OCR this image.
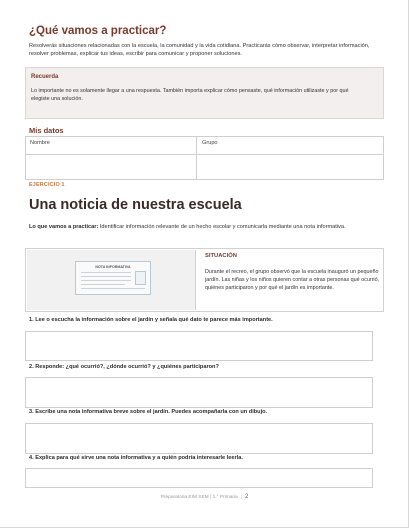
¿Qué vamos a practicar?
Resolverás situaciones relacionadas con la escuela, la comunidad y la vida cotidiana. Practicarás cómo observar, interpretar información, resolver problemas, explicar tus ideas, escribir para comunicar y proponer soluciones.
Recuerda
Lo importante no es solamente llegar a una respuesta. También importa explicar cómo pensaste, qué información utilizaste y por qué elegiste una solución.
Mis datos
Nombre	Grupo
EJERCICIO 1
Una noticia de nuestra escuela
Lo que vamos a practicar: Identificar información relevante de un hecho escolar y comunicarla mediante una nota informativa.
NOTA INFORMATIVA
SITUACIÓN
Durante el recreo, el grupo observó que la escuela inauguró un pequeño jardín. Las niñas y los niños quieren contar a otras personas qué ocurrió, quiénes participaron y por qué el jardín es importante.
1. Lee o escucha la información sobre el jardín y señala qué dato te parece más importante.
2. Responde: ¿qué ocurrió?, ¿dónde ocurrió? y ¿quiénes participaron?
3. Escribe una nota informativa breve sobre el jardín. Puedes acompañarla con un dibujo.
4. Explica para qué sirve una nota informativa y a quién podría interesarle leerla.
Preparatoria EIM SEM | 1.° Primaria | 2
